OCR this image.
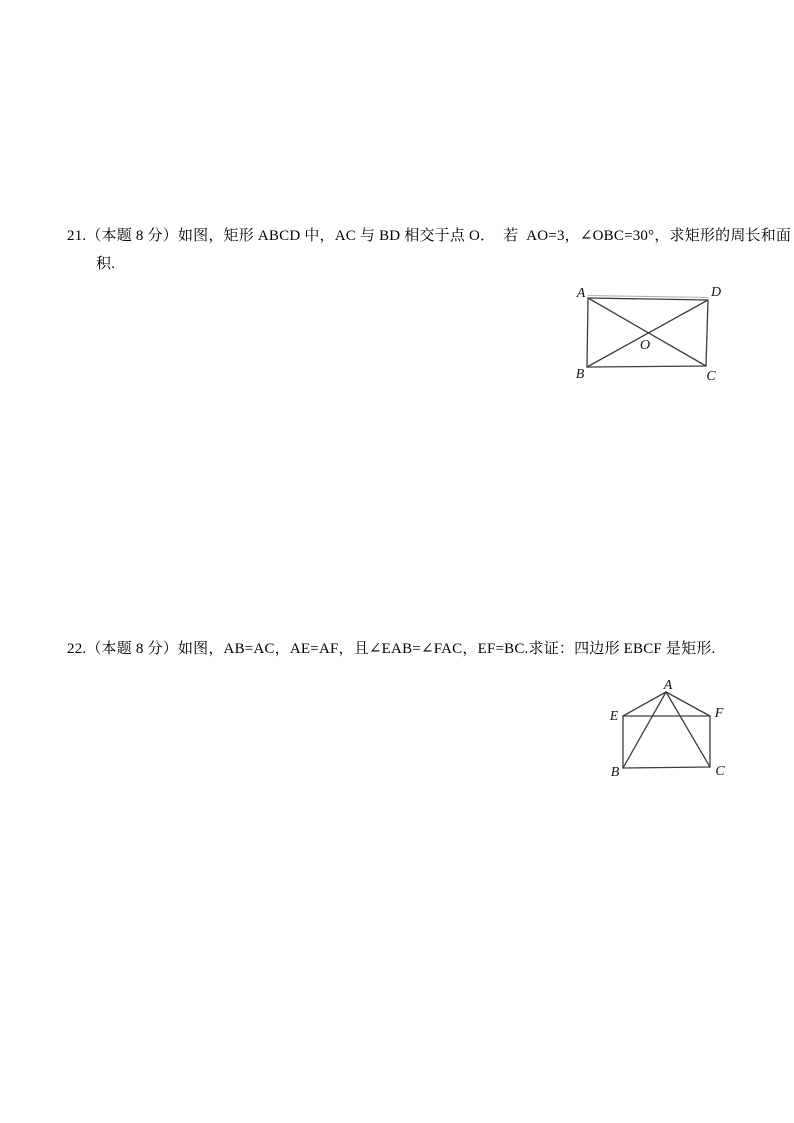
21.（本题 8 分）如图，矩形 ABCD 中，AC 与 BD 相交于点 O．  若  AO=3，∠OBC=30°，求矩形的周长和面
积.
A	D
B	C
O
22.（本题 8 分）如图，AB=AC，AE=AF，且∠EAB=∠FAC，EF=BC.求证：四边形 EBCF 是矩形.
A
E	F
B	C
